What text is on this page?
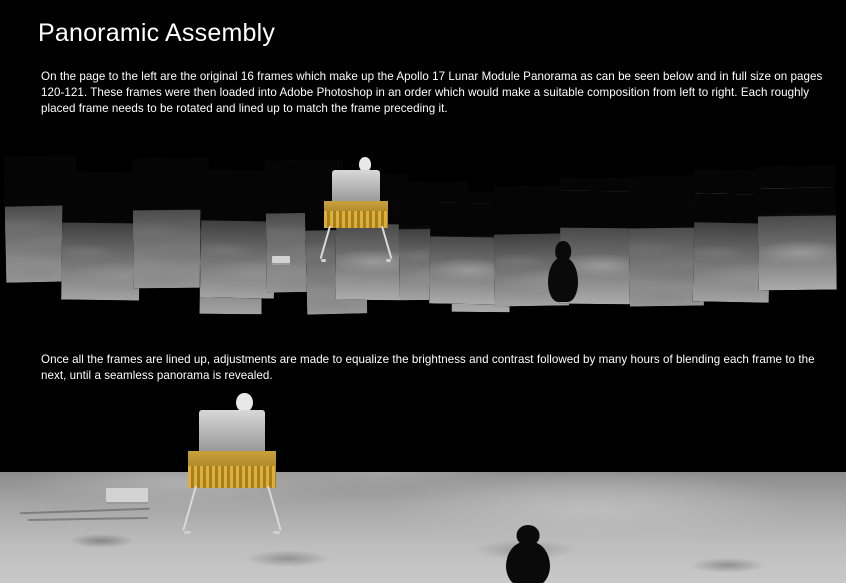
Panoramic Assembly

On the page to the left are the original 16 frames which make up the Apollo 17 Lunar Module Panorama as can be seen below and in full size on pages 120-121. These frames were then loaded into Adobe Photoshop in an order which would make a suitable composition from left to right. Each roughly placed frame needs to be rotated and lined up to match the frame preceding it.

Once all the frames are lined up, adjustments are made to equalize the brightness and contrast followed by many hours of blending each frame to the next, until a seamless panorama is revealed.
